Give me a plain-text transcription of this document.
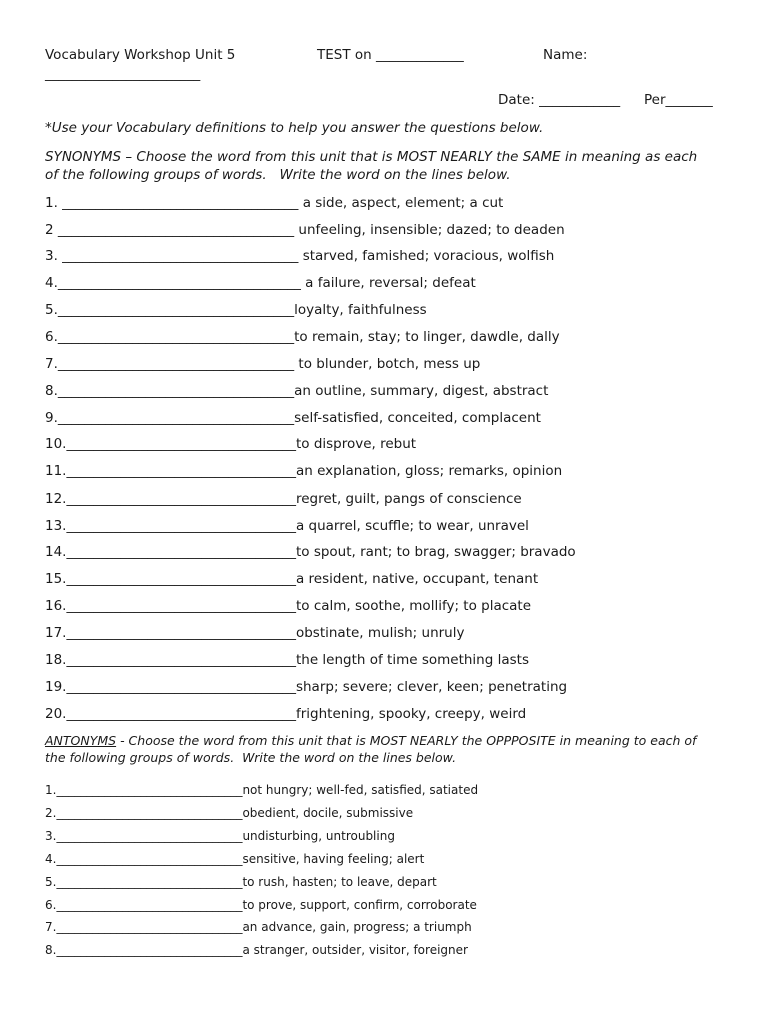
Vocabulary Workshop Unit 5	TEST on _____________	Name:
_______________________
Date: ____________ Per_______
*Use your Vocabulary definitions to help you answer the questions below.
SYNONYMS – Choose the word from this unit that is MOST NEARLY the SAME in meaning as each
of the following groups of words.   Write the word on the lines below.
1. ___________________________________ a side, aspect, element; a cut
2 ___________________________________ unfeeling, insensible; dazed; to deaden
3. ___________________________________ starved, famished; voracious, wolfish
4.____________________________________ a failure, reversal; defeat
5.___________________________________loyalty, faithfulness
6.___________________________________to remain, stay; to linger, dawdle, dally
7.___________________________________ to blunder, botch, mess up
8.___________________________________an outline, summary, digest, abstract
9.___________________________________self-satisfied, conceited, complacent
10.__________________________________to disprove, rebut
11.__________________________________an explanation, gloss; remarks, opinion
12.__________________________________regret, guilt, pangs of conscience
13.__________________________________a quarrel, scuffle; to wear, unravel
14.__________________________________to spout, rant; to brag, swagger; bravado
15.__________________________________a resident, native, occupant, tenant
16.__________________________________to calm, soothe, mollify; to placate
17.__________________________________obstinate, mulish; unruly
18.__________________________________the length of time something lasts
19.__________________________________sharp; severe; clever, keen; penetrating
20.__________________________________frightening, spooky, creepy, weird
ANTONYMS - Choose the word from this unit that is MOST NEARLY the OPPPOSITE in meaning to each of
the following groups of words.  Write the word on the lines below.
1._______________________________not hungry; well-fed, satisfied, satiated
2._______________________________obedient, docile, submissive
3._______________________________undisturbing, untroubling
4._______________________________sensitive, having feeling; alert
5._______________________________to rush, hasten; to leave, depart
6._______________________________to prove, support, confirm, corroborate
7._______________________________an advance, gain, progress; a triumph
8._______________________________a stranger, outsider, visitor, foreigner
